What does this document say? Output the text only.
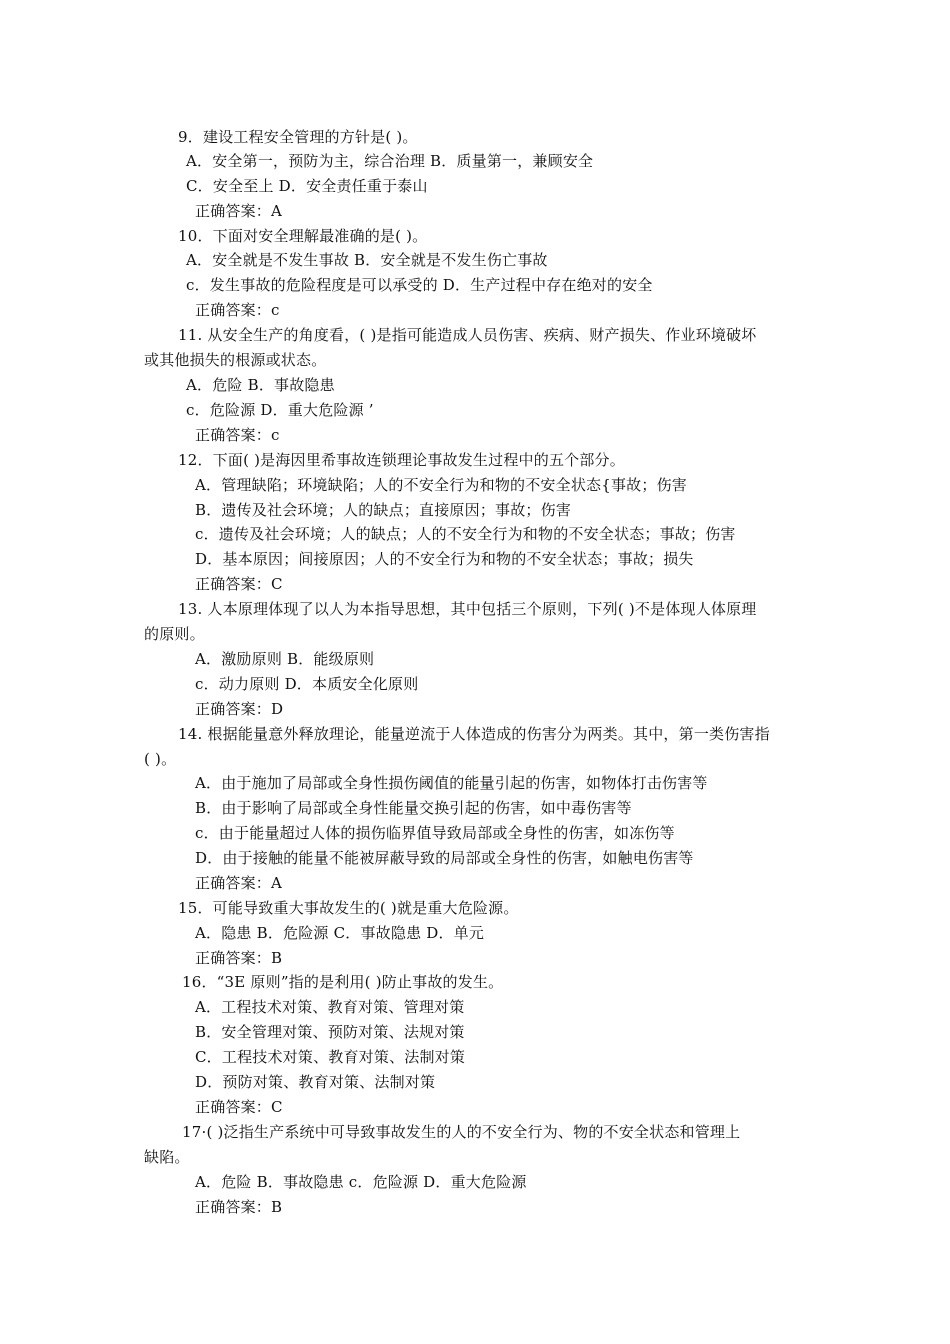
9．建设工程安全管理的方针是( )。
A．安全第一，预防为主，综合治理 B．质量第一，兼顾安全
C．安全至上 D．安全责任重于泰山
正确答案：A
10．下面对安全理解最准确的是( )。
A．安全就是不发生事故 B．安全就是不发生伤亡事故
c．发生事故的危险程度是可以承受的 D．生产过程中存在绝对的安全
正确答案：c
11. 从安全生产的角度看，( )是指可能造成人员伤害、疾病、财产损失、作业环境破坏
或其他损失的根源或状态。
A．危险 B．事故隐患
c．危险源 D．重大危险源 ’
正确答案：c
12．下面( )是海因里希事故连锁理论事故发生过程中的五个部分。
A．管理缺陷；环境缺陷；人的不安全行为和物的不安全状态{事故；伤害
B．遗传及社会环境；人的缺点；直接原因；事故；伤害
c．遗传及社会环境；人的缺点；人的不安全行为和物的不安全状态；事故；伤害
D．基本原因；间接原因；人的不安全行为和物的不安全状态；事故；损失
正确答案：C
13. 人本原理体现了以人为本指导思想，其中包括三个原则，下列( )不是体现人体原理
的原则。
A．激励原则 B．能级原则
c．动力原则 D．本质安全化原则
正确答案：D
14. 根据能量意外释放理论，能量逆流于人体造成的伤害分为两类。其中，第一类伤害指
( )。
A．由于施加了局部或全身性损伤阈值的能量引起的伤害，如物体打击伤害等
B．由于影响了局部或全身性能量交换引起的伤害，如中毒伤害等
c．由于能量超过人体的损伤临界值导致局部或全身性的伤害，如冻伤等
D．由于接触的能量不能被屏蔽导致的局部或全身性的伤害，如触电伤害等
正确答案：A
15．可能导致重大事故发生的( )就是重大危险源。
A．隐患 B．危险源 C．事故隐患 D．单元
正确答案：B
16．“3E 原则”指的是利用( )防止事故的发生。
A．工程技术对策、教育对策、管理对策
B．安全管理对策、预防对策、法规对策
C．工程技术对策、教育对策、法制对策
D．预防对策、教育对策、法制对策
正确答案：C
17·( )泛指生产系统中可导致事故发生的人的不安全行为、物的不安全状态和管理上
缺陷。
A．危险 B．事故隐患 c．危险源 D．重大危险源
正确答案：B
